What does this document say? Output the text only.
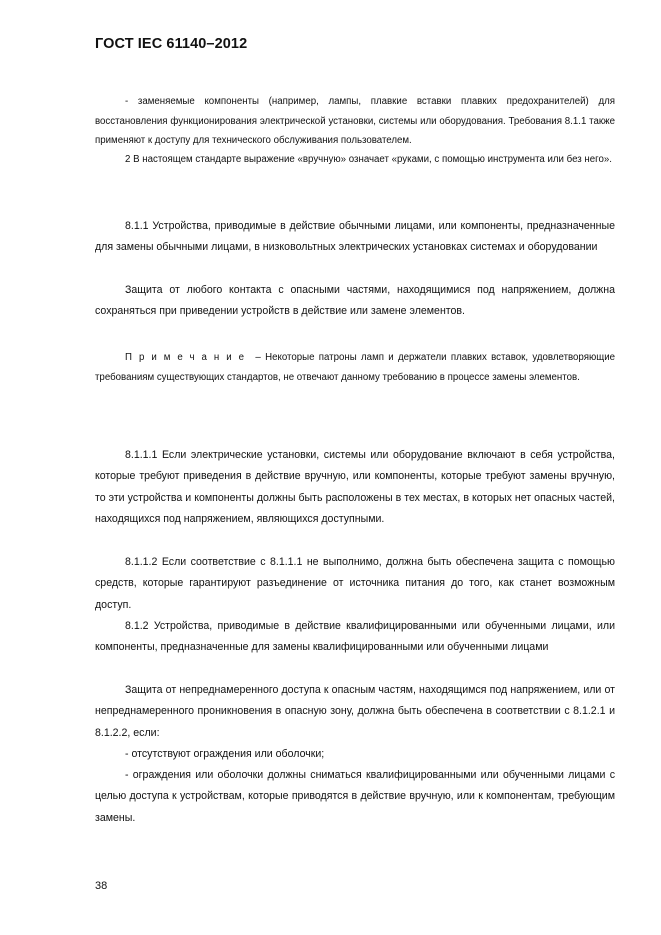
ГОСТ IEC 61140–2012

- заменяемые компоненты (например, лампы, плавкие вставки плавких предохранителей) для восстановления функционирования электрической установки, системы или оборудования. Требования 8.1.1 также применяют к доступу для технического обслуживания пользователем.

2 В настоящем стандарте выражение «вручную» означает «руками, с помощью инструмента или без него».

8.1.1 Устройства, приводимые в действие обычными лицами, или компоненты, предназначенные для замены обычными лицами, в низковольтных электрических установках системах и оборудовании

Защита от любого контакта с опасными частями, находящимися под напряжением, должна сохраняться при приведении устройств в действие или замене элементов.

Примечание – Некоторые патроны ламп и держатели плавких вставок, удовлетворяющие требованиям существующих стандартов, не отвечают данному требованию в процессе замены элементов.

8.1.1.1 Если электрические установки, системы или оборудование включают в себя устройства, которые требуют приведения в действие вручную, или компоненты, которые требуют замены вручную, то эти устройства и компоненты должны быть расположены в тех местах, в которых нет опасных частей, находящихся под напряжением, являющихся доступными.

8.1.1.2 Если соответствие с 8.1.1.1 не выполнимо, должна быть обеспечена защита с помощью средств, которые гарантируют разъединение от источника питания до того, как станет возможным доступ.

8.1.2 Устройства, приводимые в действие квалифицированными или обученными лицами, или компоненты, предназначенные для замены квалифицированными или обученными лицами

Защита от непреднамеренного доступа к опасным частям, находящимся под напряжением, или от непреднамеренного проникновения в опасную зону, должна быть обеспечена в соответствии с 8.1.2.1 и 8.1.2.2, если:

- отсутствуют ограждения или оболочки;

- ограждения или оболочки должны сниматься квалифицированными или обученными лицами с целью доступа к устройствам, которые приводятся в действие вручную, или к компонентам, требующим замены.

38
